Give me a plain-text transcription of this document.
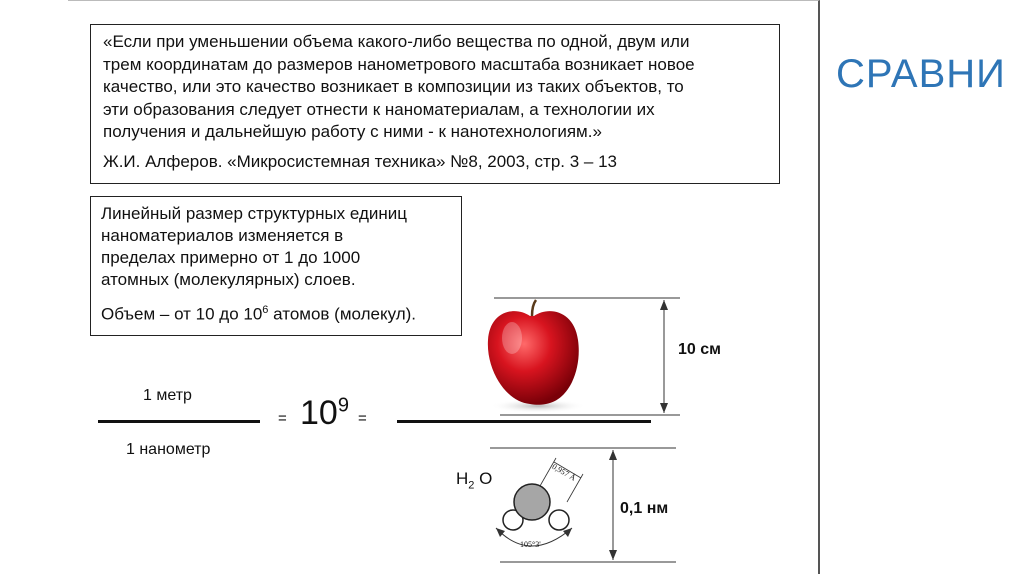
СРАВНИ

«Если при уменьшении объема какого-либо вещества по одной, двум или

трем координатам до размеров нанометрового масштаба возникает новое

качество, или это качество возникает в композиции из таких объектов, то

эти образования следует отнести к наноматериалам, а технологии их

получения и дальнейшую работу с ними - к нанотехнологиям.»

Ж.И. Алферов. «Микросистемная техника» №8, 2003, стр. 3 – 13

Линейный размер структурных единиц

наноматериалов изменяется в

пределах примерно от 1 до 1000

атомных (молекулярных) слоев.

Объем – от 10 до $10^6$ атомов (молекул).

1 метр
1 нанометр
= $10^9$
=
10 см
$H_2$ O	0,957 Å
105°3'
0,1 нм
